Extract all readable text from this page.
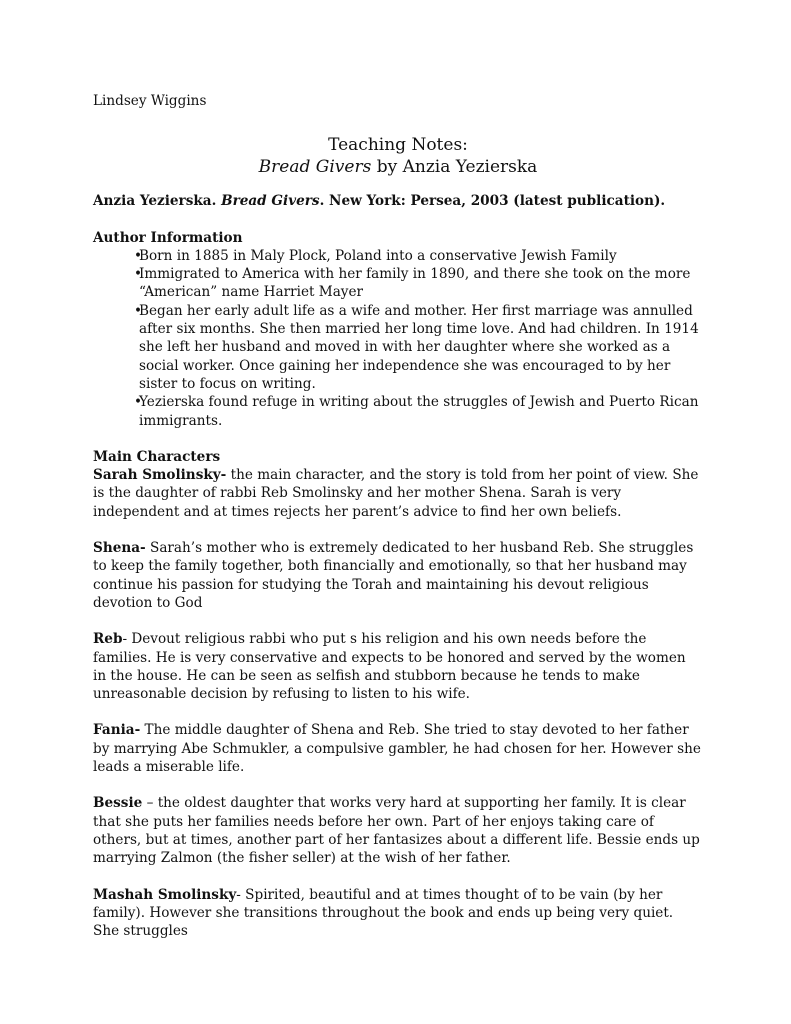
Lindsey Wiggins
Teaching Notes:
Bread Givers by Anzia Yezierska
Anzia Yezierska. Bread Givers. New York: Persea, 2003 (latest publication).
Author Information
Born in 1885 in Maly Plock, Poland into a conservative Jewish Family
Immigrated to America with her family in 1890, and there she took on the more “American” name Harriet Mayer
Began her early adult life as a wife and mother. Her first marriage was annulled after six months. She then married her long time love. And had children. In 1914 she left her husband and moved in with her daughter where she worked as a social worker. Once gaining her independence she was encouraged to by her sister to focus on writing.
Yezierska found refuge in writing about the struggles of Jewish and Puerto Rican immigrants.
Main Characters
Sarah Smolinsky- the main character, and the story is told from her point of view. She is the daughter of rabbi Reb Smolinsky and her mother Shena. Sarah is very independent and at times rejects her parent’s advice to find her own beliefs.
Shena- Sarah’s mother who is extremely dedicated to her husband Reb. She struggles to keep the family together, both financially and emotionally, so that her husband may continue his passion for studying the Torah and maintaining his devout religious devotion to God
Reb- Devout religious rabbi who put s his religion and his own needs before the families. He is very conservative and expects to be honored and served by the women in the house. He can be seen as selfish and stubborn because he tends to make unreasonable decision by refusing to listen to his wife.
Fania- The middle daughter of Shena and Reb. She tried to stay devoted to her father by marrying Abe Schmukler, a compulsive gambler, he had chosen for her. However she leads a miserable life.
Bessie – the oldest daughter that works very hard at supporting her family. It is clear that she puts her families needs before her own. Part of her enjoys taking care of others, but at times, another part of her fantasizes about a different life. Bessie ends up marrying Zalmon (the fisher seller) at the wish of her father.
Mashah Smolinsky- Spirited, beautiful and at times thought of to be vain (by her family). However she transitions throughout the book and ends up being very quiet. She struggles
